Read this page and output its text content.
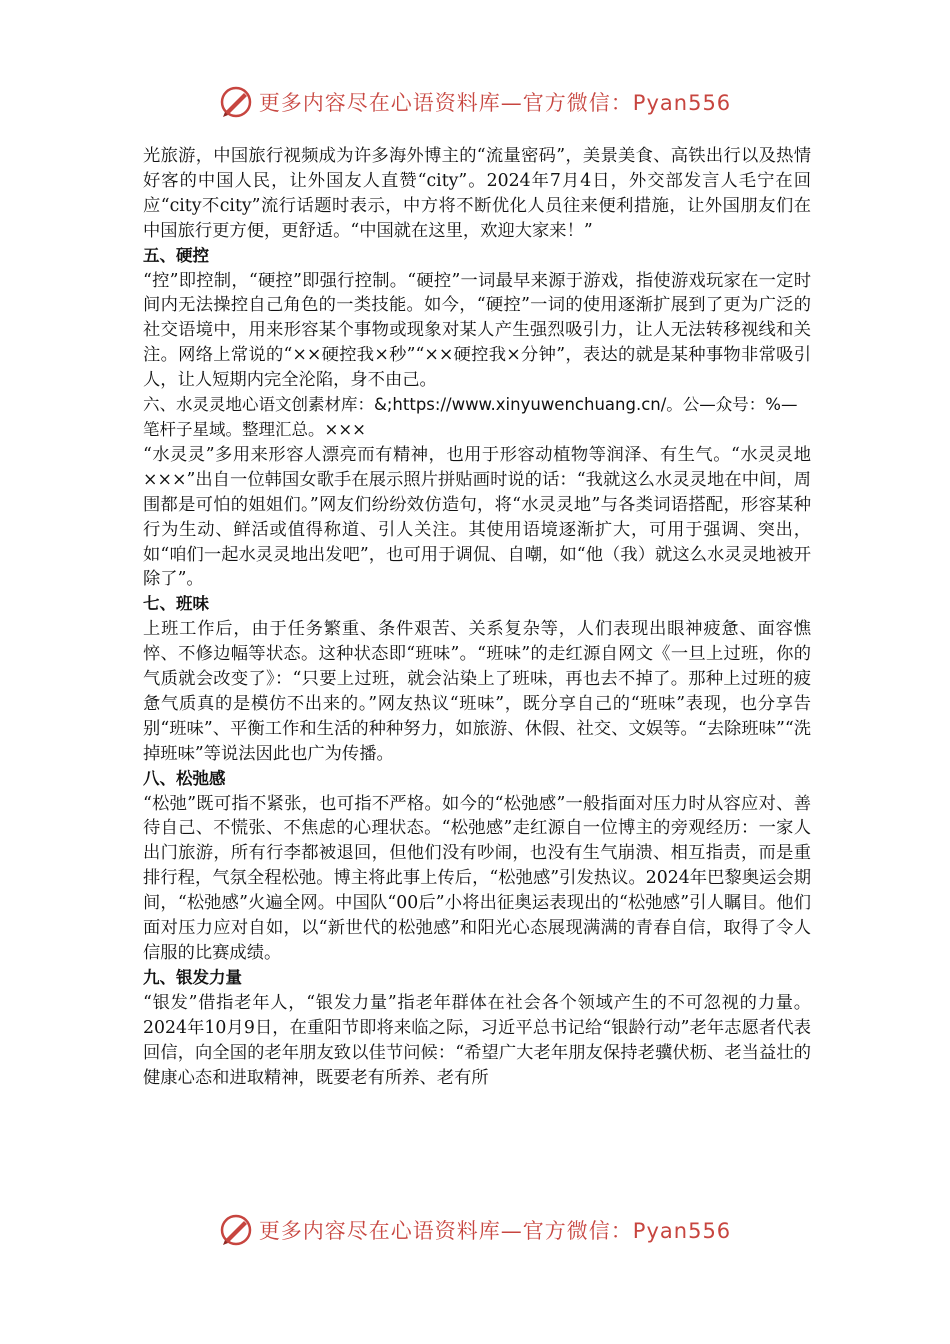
更多内容尽在心语资料库—官方微信：Pyan556
光旅游，中国旅行视频成为许多海外博主的“流量密码”，美景美食、高铁出行以及热情好客的中国人民，让外国友人直赞“city”。2024年7月4日，外交部发言人毛宁在回应“city不city”流行话题时表示，中方将不断优化人员往来便利措施，让外国朋友们在中国旅行更方便，更舒适。“中国就在这里，欢迎大家来！”
五、硬控
“控”即控制，“硬控”即强行控制。“硬控”一词最早来源于游戏，指使游戏玩家在一定时间内无法操控自己角色的一类技能。如今，“硬控”一词的使用逐渐扩展到了更为广泛的社交语境中，用来形容某个事物或现象对某人产生强烈吸引力，让人无法转移视线和关注。网络上常说的“××硬控我×秒”“××硬控我×分钟”，表达的就是某种事物非常吸引人，让人短期内完全沦陷，身不由己。
六、水灵灵地心语文创素材库：&;https://www.xinyuwenchuang.cn/。公—众号：%—笔杆子星域。整理汇总。×××
“水灵灵”多用来形容人漂亮而有精神，也用于形容动植物等润泽、有生气。“水灵灵地×××”出自一位韩国女歌手在展示照片拼贴画时说的话：“我就这么水灵灵地在中间，周围都是可怕的姐姐们。”网友们纷纷效仿造句，将“水灵灵地”与各类词语搭配，形容某种行为生动、鲜活或值得称道、引人关注。其使用语境逐渐扩大，可用于强调、突出，如“咱们一起水灵灵地出发吧”，也可用于调侃、自嘲，如“他（我）就这么水灵灵地被开除了”。
七、班味
上班工作后，由于任务繁重、条件艰苦、关系复杂等，人们表现出眼神疲惫、面容憔悴、不修边幅等状态。这种状态即“班味”。“班味”的走红源自网文《一旦上过班，你的气质就会改变了》：“只要上过班，就会沾染上了班味，再也去不掉了。那种上过班的疲惫气质真的是模仿不出来的。”网友热议“班味”，既分享自己的“班味”表现，也分享告别“班味”、平衡工作和生活的种种努力，如旅游、休假、社交、文娱等。“去除班味”“洗掉班味”等说法因此也广为传播。
八、松弛感
“松弛”既可指不紧张，也可指不严格。如今的“松弛感”一般指面对压力时从容应对、善待自己、不慌张、不焦虑的心理状态。“松弛感”走红源自一位博主的旁观经历：一家人出门旅游，所有行李都被退回，但他们没有吵闹，也没有生气崩溃、相互指责，而是重排行程，气氛全程松弛。博主将此事上传后，“松弛感”引发热议。2024年巴黎奥运会期间，“松弛感”火遍全网。中国队“00后”小将出征奥运表现出的“松弛感”引人瞩目。他们面对压力应对自如，以“新世代的松弛感”和阳光心态展现满满的青春自信，取得了令人信服的比赛成绩。
九、银发力量
“银发”借指老年人，“银发力量”指老年群体在社会各个领域产生的不可忽视的力量。2024年10月9日，在重阳节即将来临之际，习近平总书记给“银龄行动”老年志愿者代表回信，向全国的老年朋友致以佳节问候：“希望广大老年朋友保持老骥伏枥、老当益壮的健康心态和进取精神，既要老有所养、老有所
更多内容尽在心语资料库—官方微信：Pyan556
